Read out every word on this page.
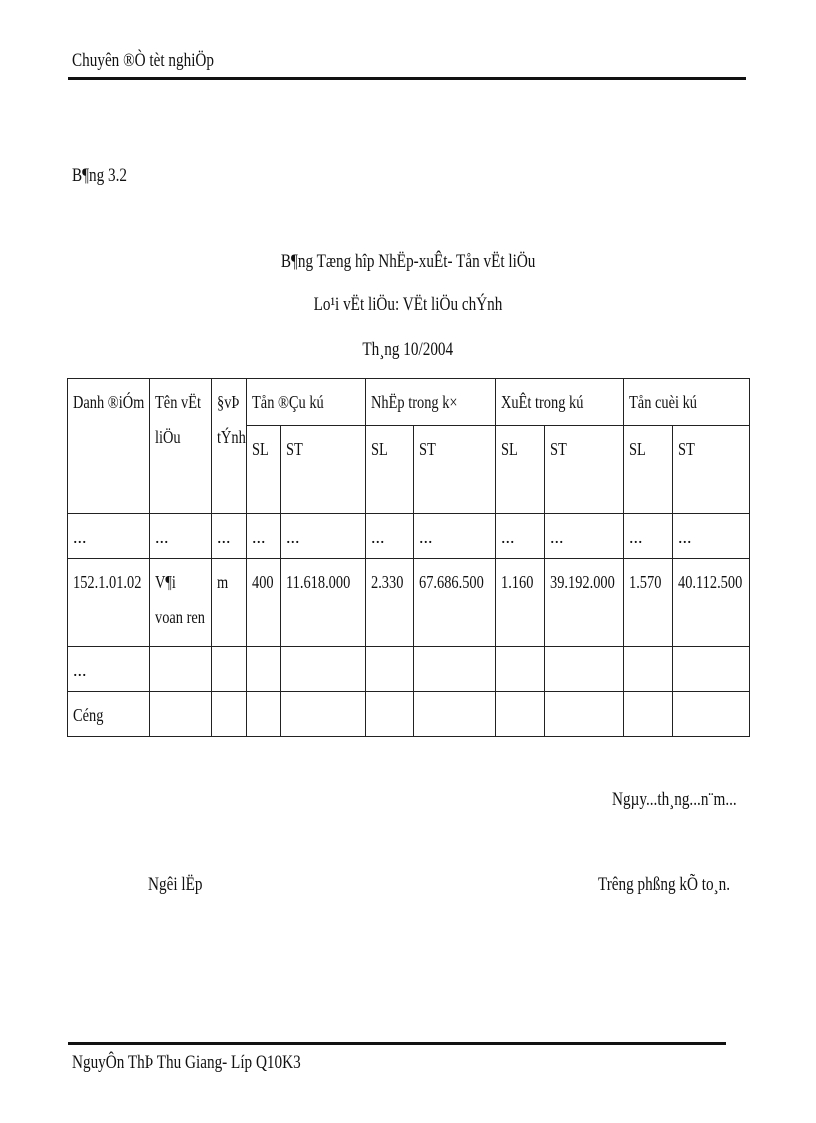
Chuyên ®Ò tèt nghiÖp
B¶ng 3.2
B¶ng Tæng hîp NhËp-xuÊt- Tån vËt liÖu
Lo¹i vËt liÖu: VËt liÖu chÝnh
Th¸ng 10/2004
Danh ®iÓm	Tên vËt liÖu	§vÞ tÝnh	Tån ®Çu kú		NhËp trong k×		XuÊt trong kú		Tån cuèi kú	
			SL	ST	SL	ST	SL	ST	SL	ST
...	...	...	...	...	...	...	...	...	...	...
152.1.01.02	V¶i voan ren	m	400	11.618.000	2.330	67.686.500	1.160	39.192.000	1.570	40.112.500
...										
Céng										
Ngµy...th¸ng...n¨m...
Ngêi lËp	Trêng phßng kÕ to¸n.
NguyÔn ThÞ Thu Giang- Líp Q10K3
